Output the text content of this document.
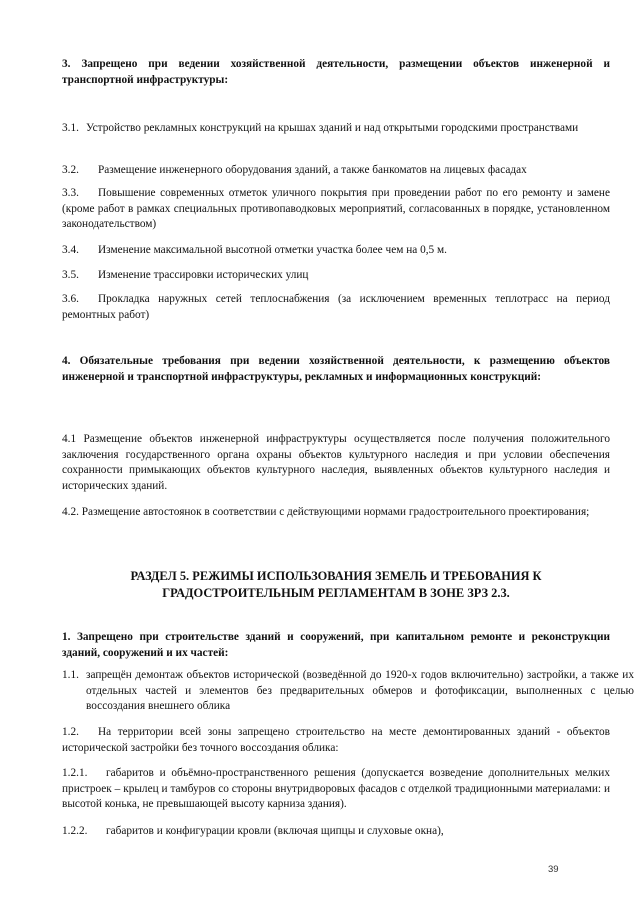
3. Запрещено при ведении хозяйственной деятельности, размещении объектов инженерной и транспортной инфраструктуры:
3.1. Устройство рекламных конструкций на крышах зданий и над открытыми городскими пространствами
3.2. Размещение инженерного оборудования зданий, а также банкоматов на лицевых фасадах
3.3. Повышение современных отметок уличного покрытия при проведении работ по его ремонту и замене (кроме работ в рамках специальных противопаводковых мероприятий, согласованных в порядке, установленном законодательством)
3.4. Изменение максимальной высотной отметки участка более чем на 0,5 м.
3.5. Изменение трассировки исторических улиц
3.6. Прокладка наружных сетей теплоснабжения (за исключением временных теплотрасс на период ремонтных работ)
4. Обязательные требования при ведении хозяйственной деятельности, к размещению объектов инженерной и транспортной инфраструктуры, рекламных и информационных конструкций:
4.1 Размещение объектов инженерной инфраструктуры осуществляется после получения положительного заключения государственного органа охраны объектов культурного наследия и при условии обеспечения сохранности примыкающих объектов культурного наследия, выявленных объектов культурного наследия и исторических зданий.
4.2. Размещение автостоянок в соответствии с действующими нормами градостроительного проектирования;
РАЗДЕЛ 5. РЕЖИМЫ ИСПОЛЬЗОВАНИЯ ЗЕМЕЛЬ И ТРЕБОВАНИЯ К
ГРАДОСТРОИТЕЛЬНЫМ РЕГЛАМЕНТАМ В ЗОНЕ ЗРЗ 2.3.
1. Запрещено при строительстве зданий и сооружений, при капитальном ремонте и реконструкции зданий, сооружений и их частей:
1.1. запрещён демонтаж объектов исторической (возведённой до 1920-х годов включительно) застройки, а также их отдельных частей и элементов без предварительных обмеров и фотофиксации, выполненных с целью воссоздания внешнего облика
1.2. На территории всей зоны запрещено строительство на месте демонтированных зданий - объектов исторической застройки без точного воссоздания облика:
1.2.1. габаритов и объёмно-пространственного решения (допускается возведение дополнительных мелких пристроек – крылец и тамбуров со стороны внутридворовых фасадов с отделкой традиционными материалами: и высотой конька, не превышающей высоту карниза здания).
1.2.2. габаритов и конфигурации кровли (включая щипцы и слуховые окна),
39
